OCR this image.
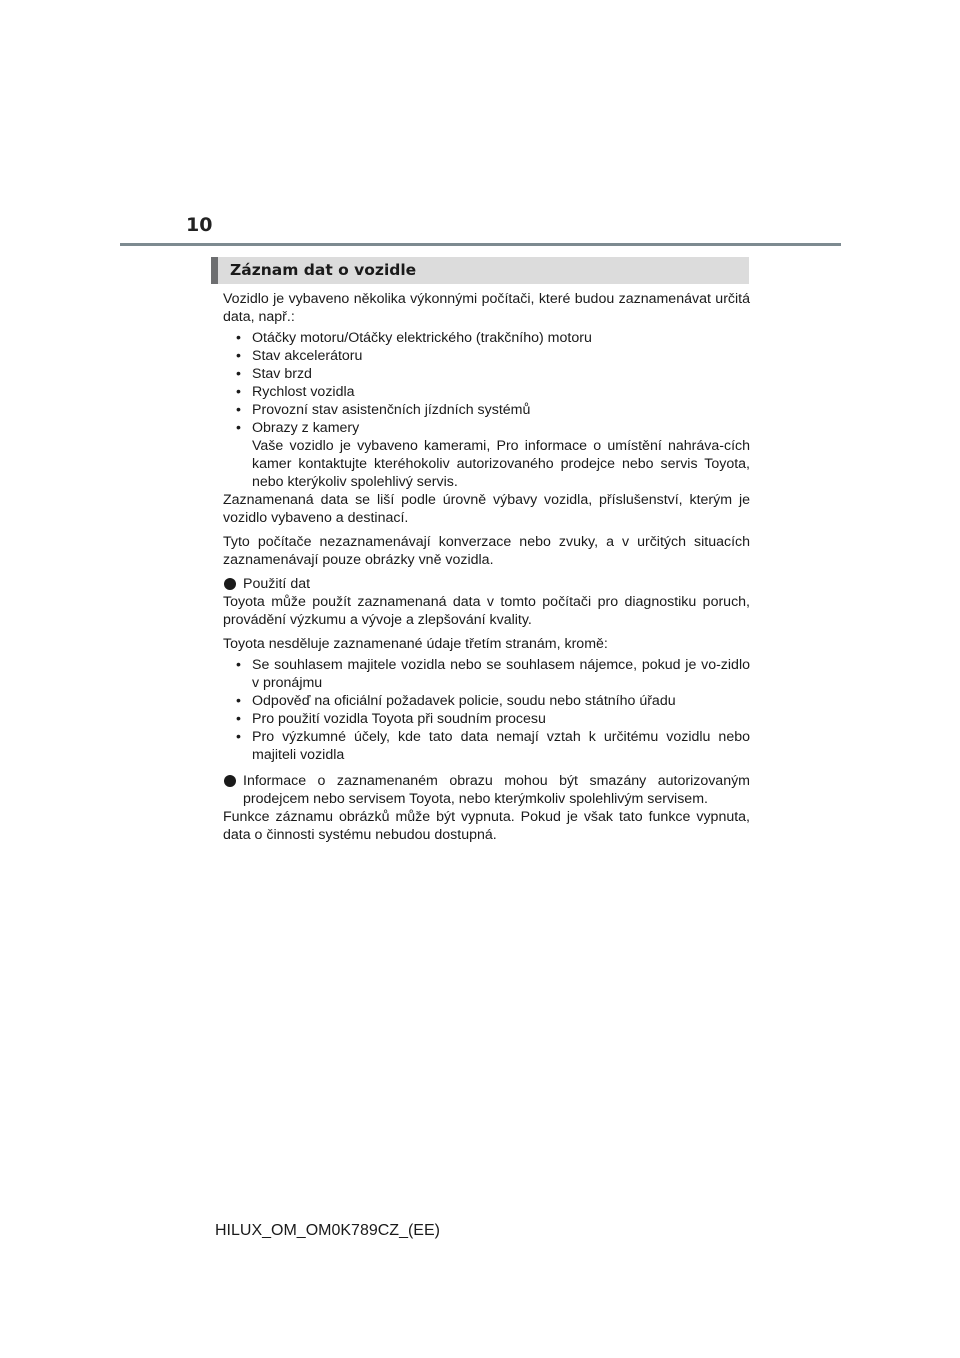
10
Záznam dat o vozidle

Vozidlo je vybaveno několika výkonnými počítači, které budou zaznamenávat určitá data, např.:

• Otáčky motoru/Otáčky elektrického (trakčního) motoru
• Stav akcelerátoru
• Stav brzd
• Rychlost vozidla
• Provozní stav asistenčních jízdních systémů
• Obrazy z kamery
Vaše vozidlo je vybaveno kamerami, Pro informace o umístění nahráva-cích kamer kontaktujte kteréhokoliv autorizovaného prodejce nebo servis Toyota, nebo kterýkoliv spolehlivý servis.

Zaznamenaná data se liší podle úrovně výbavy vozidla, příslušenství, kterým je vozidlo vybaveno a destinací.

Tyto počítače nezaznamenávají konverzace nebo zvuky, a v určitých situacích zaznamenávají pouze obrázky vně vozidla.

Použití dat

Toyota může použít zaznamenaná data v tomto počítači pro diagnostiku poruch, provádění výzkumu a vývoje a zlepšování kvality.

Toyota nesděluje zaznamenané údaje třetím stranám, kromě:

• Se souhlasem majitele vozidla nebo se souhlasem nájemce, pokud je vo-zidlo v pronájmu
• Odpověď na oficiální požadavek policie, soudu nebo státního úřadu
• Pro použití vozidla Toyota při soudním procesu
• Pro výzkumné účely, kde tato data nemají vztah k určitému vozidlu nebo majiteli vozidla
Informace o zaznamenaném obrazu mohou být smazány autorizovaným prodejcem nebo servisem Toyota, nebo kterýmkoliv spolehlivým servisem.

Funkce záznamu obrázků může být vypnuta. Pokud je však tato funkce vypnuta, data o činnosti systému nebudou dostupná.

HILUX_OM_OM0K789CZ_(EE)
